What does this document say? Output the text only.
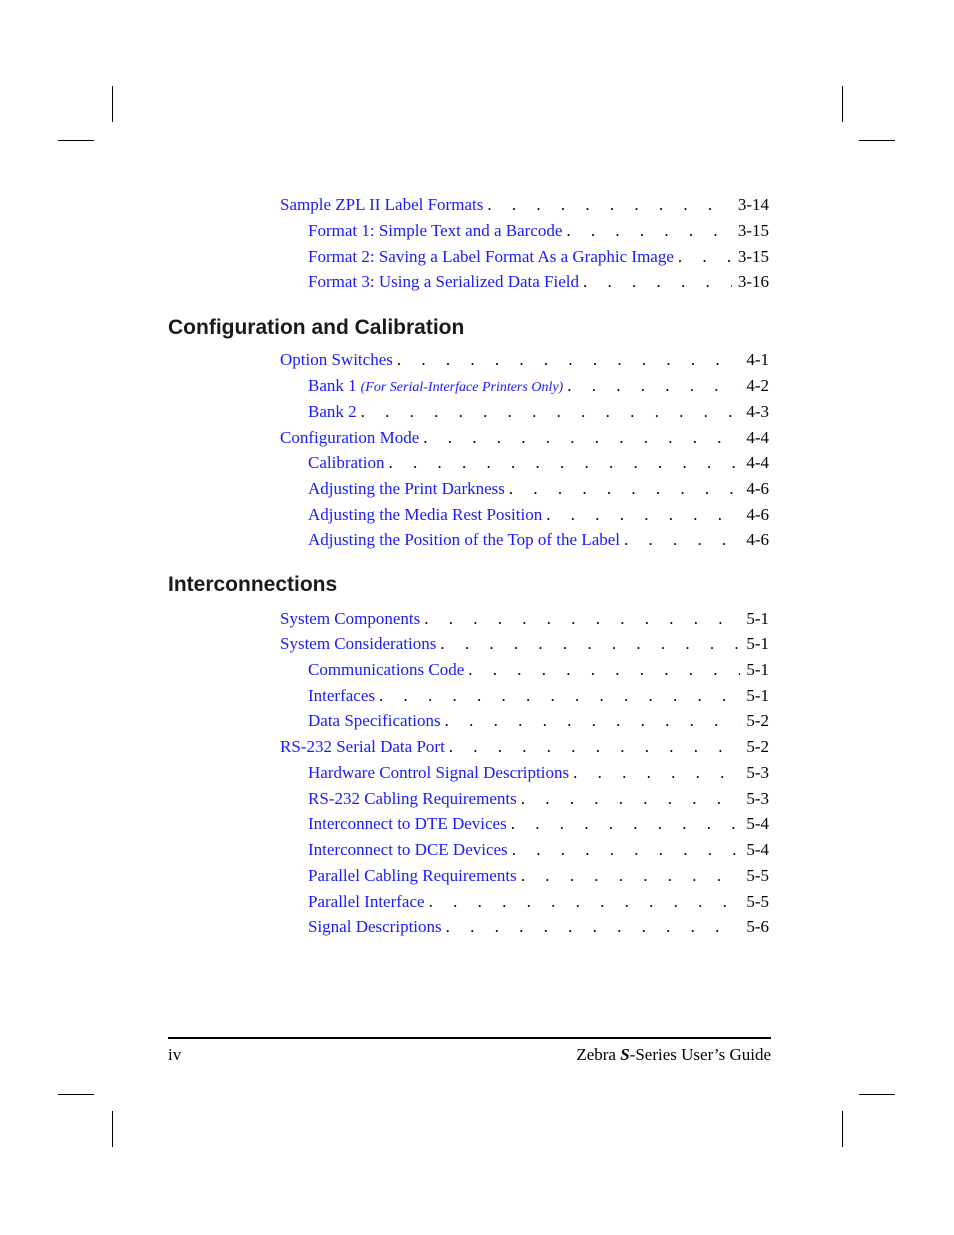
Sample ZPL II Label Formats . . .	3-14
Format 1: Simple Text and a Barcode . . .	3-15
Format 2: Saving a Label Format As a Graphic Image . . .	3-15
Format 3: Using a Serialized Data Field . . .	3-16
Configuration and Calibration
Option Switches . . .	4-1
Bank 1 (For Serial-Interface Printers Only) . . .	4-2
Bank 2 . . .	4-3
Configuration Mode . . .	4-4
Calibration . . .	4-4
Adjusting the Print Darkness . . .	4-6
Adjusting the Media Rest Position . . .	4-6
Adjusting the Position of the Top of the Label . . .	4-6
Interconnections
System Components . . .	5-1
System Considerations . . .	5-1
Communications Code . . .	5-1
Interfaces . . .	5-1
Data Specifications . . .	5-2
RS-232 Serial Data Port . . .	5-2
Hardware Control Signal Descriptions . . .	5-3
RS-232 Cabling Requirements . . .	5-3
Interconnect to DTE Devices . . .	5-4
Interconnect to DCE Devices . . .	5-4
Parallel Cabling Requirements . . .	5-5
Parallel Interface . . .	5-5
Signal Descriptions . . .	5-6
iv	Zebra S-Series User’s Guide
